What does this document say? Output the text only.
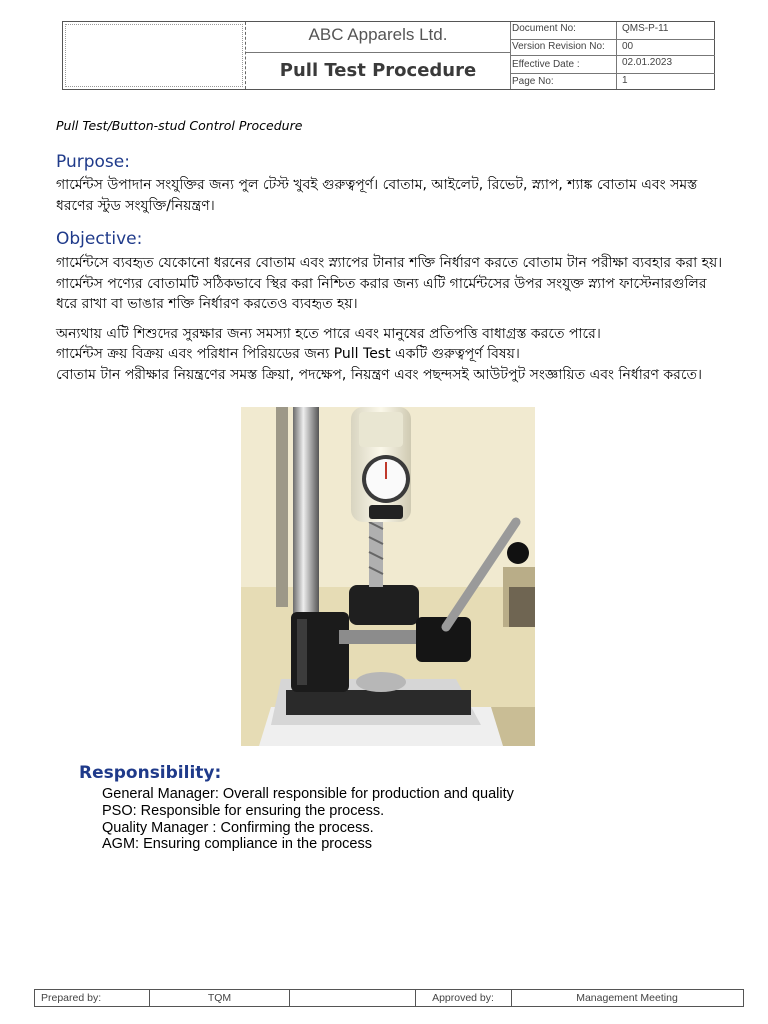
ABC Apparels Ltd.
Pull Test Procedure
Document No:	QMS-P-11
Version Revision No:	00
Effective Date :	02.01.2023
Page No:	1
Pull Test/Button-stud Control Procedure
Purpose:
গার্মেন্টস উপাদান সংযুক্তির জন্য পুল টেস্ট খুবই গুরুত্বপূর্ণ। বোতাম, আইলেট, রিভেট, স্ন্যাপ, শ্যাঙ্ক বোতাম এবং সমস্ত ধরণের স্টুড সংযুক্তি/নিয়ন্ত্রণ।
Objective:
গার্মেন্টসে ব্যবহৃত যেকোনো ধরনের বোতাম এবং স্ন্যাপের টানার শক্তি নির্ধারণ করতে বোতাম টান পরীক্ষা ব্যবহার করা হয়। গার্মেন্টস পণ্যের বোতামটি সঠিকভাবে স্থির করা নিশ্চিত করার জন্য এটি গার্মেন্টসের উপর সংযুক্ত স্ন্যাপ ফাস্টেনারগুলির ধরে রাখা বা ভাঙার শক্তি নির্ধারণ করতেও ব্যবহৃত হয়।
অন্যথায় এটি শিশুদের সুরক্ষার জন্য সমস্যা হতে পারে এবং মানুষের প্রতিপত্তি বাধাগ্রস্ত করতে পারে।
গার্মেন্টস ক্রয় বিক্রয় এবং পরিধান পিরিয়ডের জন্য Pull Test একটি গুরুত্বপূর্ণ বিষয়।
বোতাম টান পরীক্ষার নিয়ন্ত্রণের সমস্ত ক্রিয়া, পদক্ষেপ, নিয়ন্ত্রণ এবং পছন্দসই আউটপুট সংজ্ঞায়িত এবং নির্ধারণ করতে।
Responsibility:
General Manager: Overall responsible for production and quality
PSO: Responsible for ensuring the process.
Quality Manager : Confirming the process.
AGM: Ensuring compliance in the process
Prepared by:	TQM	Approved by:	Management Meeting
